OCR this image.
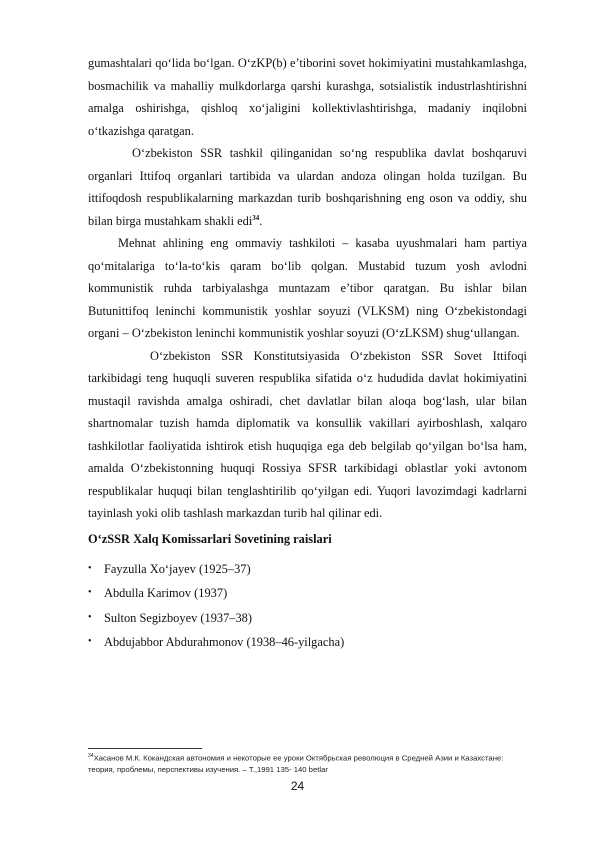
gumashtalari qo‘lida bo‘lgan. O‘zKP(b) e’tiborini sovet hokimiyatini mustahkamlashga, bosmachilik va mahalliy mulkdorlarga qarshi kurashga, sotsialistik industrlashtirishni amalga oshirishga, qishloq xo‘jaligini kollektivlashtirishga, madaniy inqilobni o‘tkazishga qaratgan.

O‘zbekiston SSR tashkil qilinganidan so‘ng respublika davlat boshqaruvi organlari Ittifoq organlari tartibida va ulardan andoza olingan holda tuzilgan. Bu ittifoqdosh respublikalarning markazdan turib boshqarishning eng oson va oddiy, shu bilan birga mustahkam shakli edi$^{34}$.

Mehnat ahlining eng ommaviy tashkiloti – kasaba uyushmalari ham partiya qo‘mitalariga to‘la-to‘kis qaram bo‘lib qolgan. Mustabid tuzum yosh avlodni kommunistik ruhda tarbiyalashga muntazam e’tibor qaratgan. Bu ishlar bilan Butunittifoq leninchi kommunistik yoshlar soyuzi (VLKSM) ning O‘zbekistondagi organi – O‘zbekiston leninchi kommunistik yoshlar soyuzi (O‘zLKSM) shug‘ullangan.

O‘zbekiston SSR Konstitutsiyasida O‘zbekiston SSR Sovet Ittifoqi tarkibidagi teng huquqli suveren respublika sifatida o‘z hududida davlat hokimiyatini mustaqil ravishda amalga oshiradi, chet davlatlar bilan aloqa bog‘lash, ular bilan shartnomalar tuzish hamda diplomatik va konsullik vakillari ayirboshlash, xalqaro tashkilotlar faoliyatida ishtirok etish huquqiga ega deb belgilab qo‘yilgan bo‘lsa ham, amalda O‘zbekistonning huquqi Rossiya SFSR tarkibidagi oblastlar yoki avtonom respublikalar huquqi bilan tenglashtirilib qo‘yilgan edi. Yuqori lavozimdagi kadrlarni tayinlash yoki olib tashlash markazdan turib hal qilinar edi.

O‘zSSR Xalq Komissarlari Sovetining raislari
• Fayzulla Xo‘jayev (1925–37)
• Abdulla Karimov (1937)
• Sulton Segizboyev (1937–38)
• Abdujabbor Abdurahmonov (1938–46-yilgacha)
$^{34}$Хасанов М.К. Кокандская автономия и некоторые ее уроки Октябрьская революция в Средней Азии и Казахстане: теория, проблемы, перспективы изучения. – Т.,1991 135- 140 betlar
24
